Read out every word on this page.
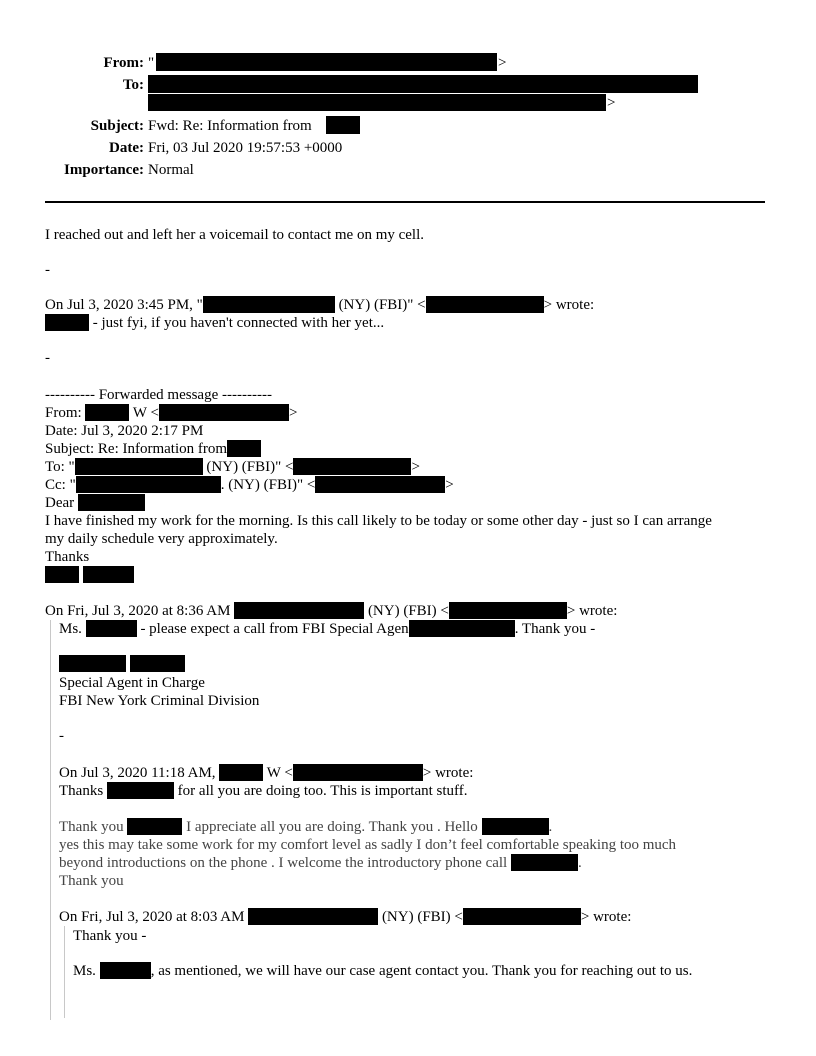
From: "	>
To:
>
Subject: Fwd: Re: Information from
Date: Fri, 03 Jul 2020 19:57:53 +0000
Importance: Normal
I reached out and left her a voicemail to contact me on my cell.
-
On Jul 3, 2020 3:45 PM, "	(NY) (FBI)" <	> wrote:
- just fyi, if you haven't connected with her yet...
-
---------- Forwarded message ----------
From:	W <	>
Date: Jul 3, 2020 2:17 PM
Subject: Re: Information from
To: "	(NY) (FBI)" <	>
Cc: "	. (NY) (FBI)" <	>
Dear
I have finished my work for the morning. Is this call likely to be today or some other day - just so I can arrange
my daily schedule very approximately.
Thanks
On Fri, Jul 3, 2020 at 8:36 AM	(NY) (FBI) <	> wrote:
Ms.	- please expect a call from FBI Special Agen	. Thank you -
Special Agent in Charge
FBI New York Criminal Division
-
On Jul 3, 2020 11:18 AM,	W <	> wrote:
Thanks	for all you are doing too. This is important stuff.
Thank you	I appreciate all you are doing. Thank you . Hello	.
yes this may take some work for my comfort level as sadly I don’t feel comfortable speaking too much
beyond introductions on the phone . I welcome the introductory phone call	.
Thank you
On Fri, Jul 3, 2020 at 8:03 AM	(NY) (FBI) <	> wrote:
Thank you -
Ms.	, as mentioned, we will have our case agent contact you. Thank you for reaching out to us.
